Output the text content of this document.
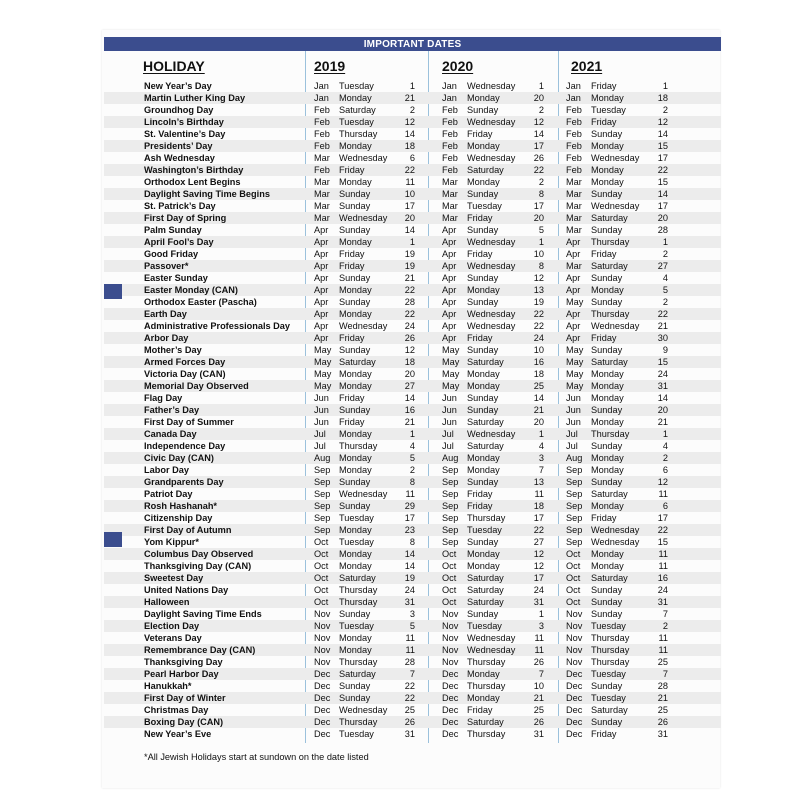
IMPORTANT DATES
HOLIDAY	2019	2020	2021
New Year’s Day	Jan Tuesday	1	Jan Wednesday	1 Jan Friday	1
Martin Luther King Day	Jan Monday	21	Jan Monday	20 Jan Monday	18
Groundhog Day	Feb Saturday	2	Feb Sunday	2 Feb Tuesday	2
Lincoln’s Birthday	Feb Tuesday	12	Feb Wednesday	12 Feb Friday	12
St. Valentine’s Day	Feb Thursday	14	Feb Friday	14 Feb Sunday	14
Presidents’ Day	Feb Monday	18	Feb Monday	17 Feb Monday	15
Ash Wednesday	Mar Wednesday	6	Feb Wednesday	26 Feb Wednesday	17
Washington’s Birthday	Feb Friday	22	Feb Saturday	22 Feb Monday	22
Orthodox Lent Begins	Mar Monday	11	Mar Monday	2 Mar Monday	15
Daylight Saving Time Begins	Mar Sunday	10	Mar Sunday	8 Mar Sunday	14
St. Patrick’s Day	Mar Sunday	17	Mar Tuesday	17 Mar Wednesday	17
First Day of Spring	Mar Wednesday	20	Mar Friday	20 Mar Saturday	20
Palm Sunday	Apr Sunday	14	Apr Sunday	5 Mar Sunday	28
April Fool’s Day	Apr Monday	1	Apr Wednesday	1 Apr Thursday	1
Good Friday	Apr Friday	19	Apr Friday	10 Apr Friday	2
Passover*	Apr Friday	19	Apr Wednesday	8 Mar Saturday	27
Easter Sunday	Apr Sunday	21	Apr Sunday	12 Apr Sunday	4
Easter Monday (CAN)	Apr Monday	22	Apr Monday	13 Apr Monday	5
Orthodox Easter (Pascha)	Apr Sunday	28	Apr Sunday	19 May Sunday	2
Earth Day	Apr Monday	22	Apr Wednesday	22 Apr Thursday	22
Administrative Professionals Day	Apr Wednesday	24	Apr Wednesday	22 Apr Wednesday	21
Arbor Day	Apr Friday	26	Apr Friday	24 Apr Friday	30
Mother’s Day	May Sunday	12	May Sunday	10 May Sunday	9
Armed Forces Day	May Saturday	18	May Saturday	16 May Saturday	15
Victoria Day (CAN)	May Monday	20	May Monday	18 May Monday	24
Memorial Day Observed	May Monday	27	May Monday	25 May Monday	31
Flag Day	Jun Friday	14	Jun Sunday	14 Jun Monday	14
Father’s Day	Jun Sunday	16	Jun Sunday	21 Jun Sunday	20
First Day of Summer	Jun Friday	21	Jun Saturday	20 Jun Monday	21
Canada Day	Jul Monday	1	Jul Wednesday	1 Jul Thursday	1
Independence Day	Jul Thursday	4	Jul Saturday	4 Jul Sunday	4
Civic Day (CAN)	Aug Monday	5	Aug Monday	3 Aug Monday	2
Labor Day	Sep Monday	2	Sep Monday	7 Sep Monday	6
Grandparents Day	Sep Sunday	8	Sep Sunday	13 Sep Sunday	12
Patriot Day	Sep Wednesday	11	Sep Friday	11 Sep Saturday	11
Rosh Hashanah*	Sep Sunday	29	Sep Friday	18 Sep Monday	6
Citizenship Day	Sep Tuesday	17	Sep Thursday	17 Sep Friday	17
First Day of Autumn	Sep Monday	23	Sep Tuesday	22 Sep Wednesday	22
Yom Kippur*	Oct Tuesday	8	Sep Sunday	27 Sep Wednesday	15
Columbus Day Observed	Oct Monday	14	Oct Monday	12 Oct Monday	11
Thanksgiving Day (CAN)	Oct Monday	14	Oct Monday	12 Oct Monday	11
Sweetest Day	Oct Saturday	19	Oct Saturday	17 Oct Saturday	16
United Nations Day	Oct Thursday	24	Oct Saturday	24 Oct Sunday	24
Halloween	Oct Thursday	31	Oct Saturday	31 Oct Sunday	31
Daylight Saving Time Ends	Nov Sunday	3	Nov Sunday	1 Nov Sunday	7
Election Day	Nov Tuesday	5	Nov Tuesday	3 Nov Tuesday	2
Veterans Day	Nov Monday	11	Nov Wednesday	11 Nov Thursday	11
Remembrance Day (CAN)	Nov Monday	11	Nov Wednesday	11 Nov Thursday	11
Thanksgiving Day	Nov Thursday	28	Nov Thursday	26 Nov Thursday	25
Pearl Harbor Day	Dec Saturday	7	Dec Monday	7 Dec Tuesday	7
Hanukkah*	Dec Sunday	22	Dec Thursday	10 Dec Sunday	28
First Day of Winter	Dec Sunday	22	Dec Monday	21 Dec Tuesday	21
Christmas Day	Dec Wednesday	25	Dec Friday	25 Dec Saturday	25
Boxing Day (CAN)	Dec Thursday	26	Dec Saturday	26 Dec Sunday	26
New Year’s Eve	Dec Tuesday	31	Dec Thursday	31 Dec Friday	31
*All Jewish Holidays start at sundown on the date listed
